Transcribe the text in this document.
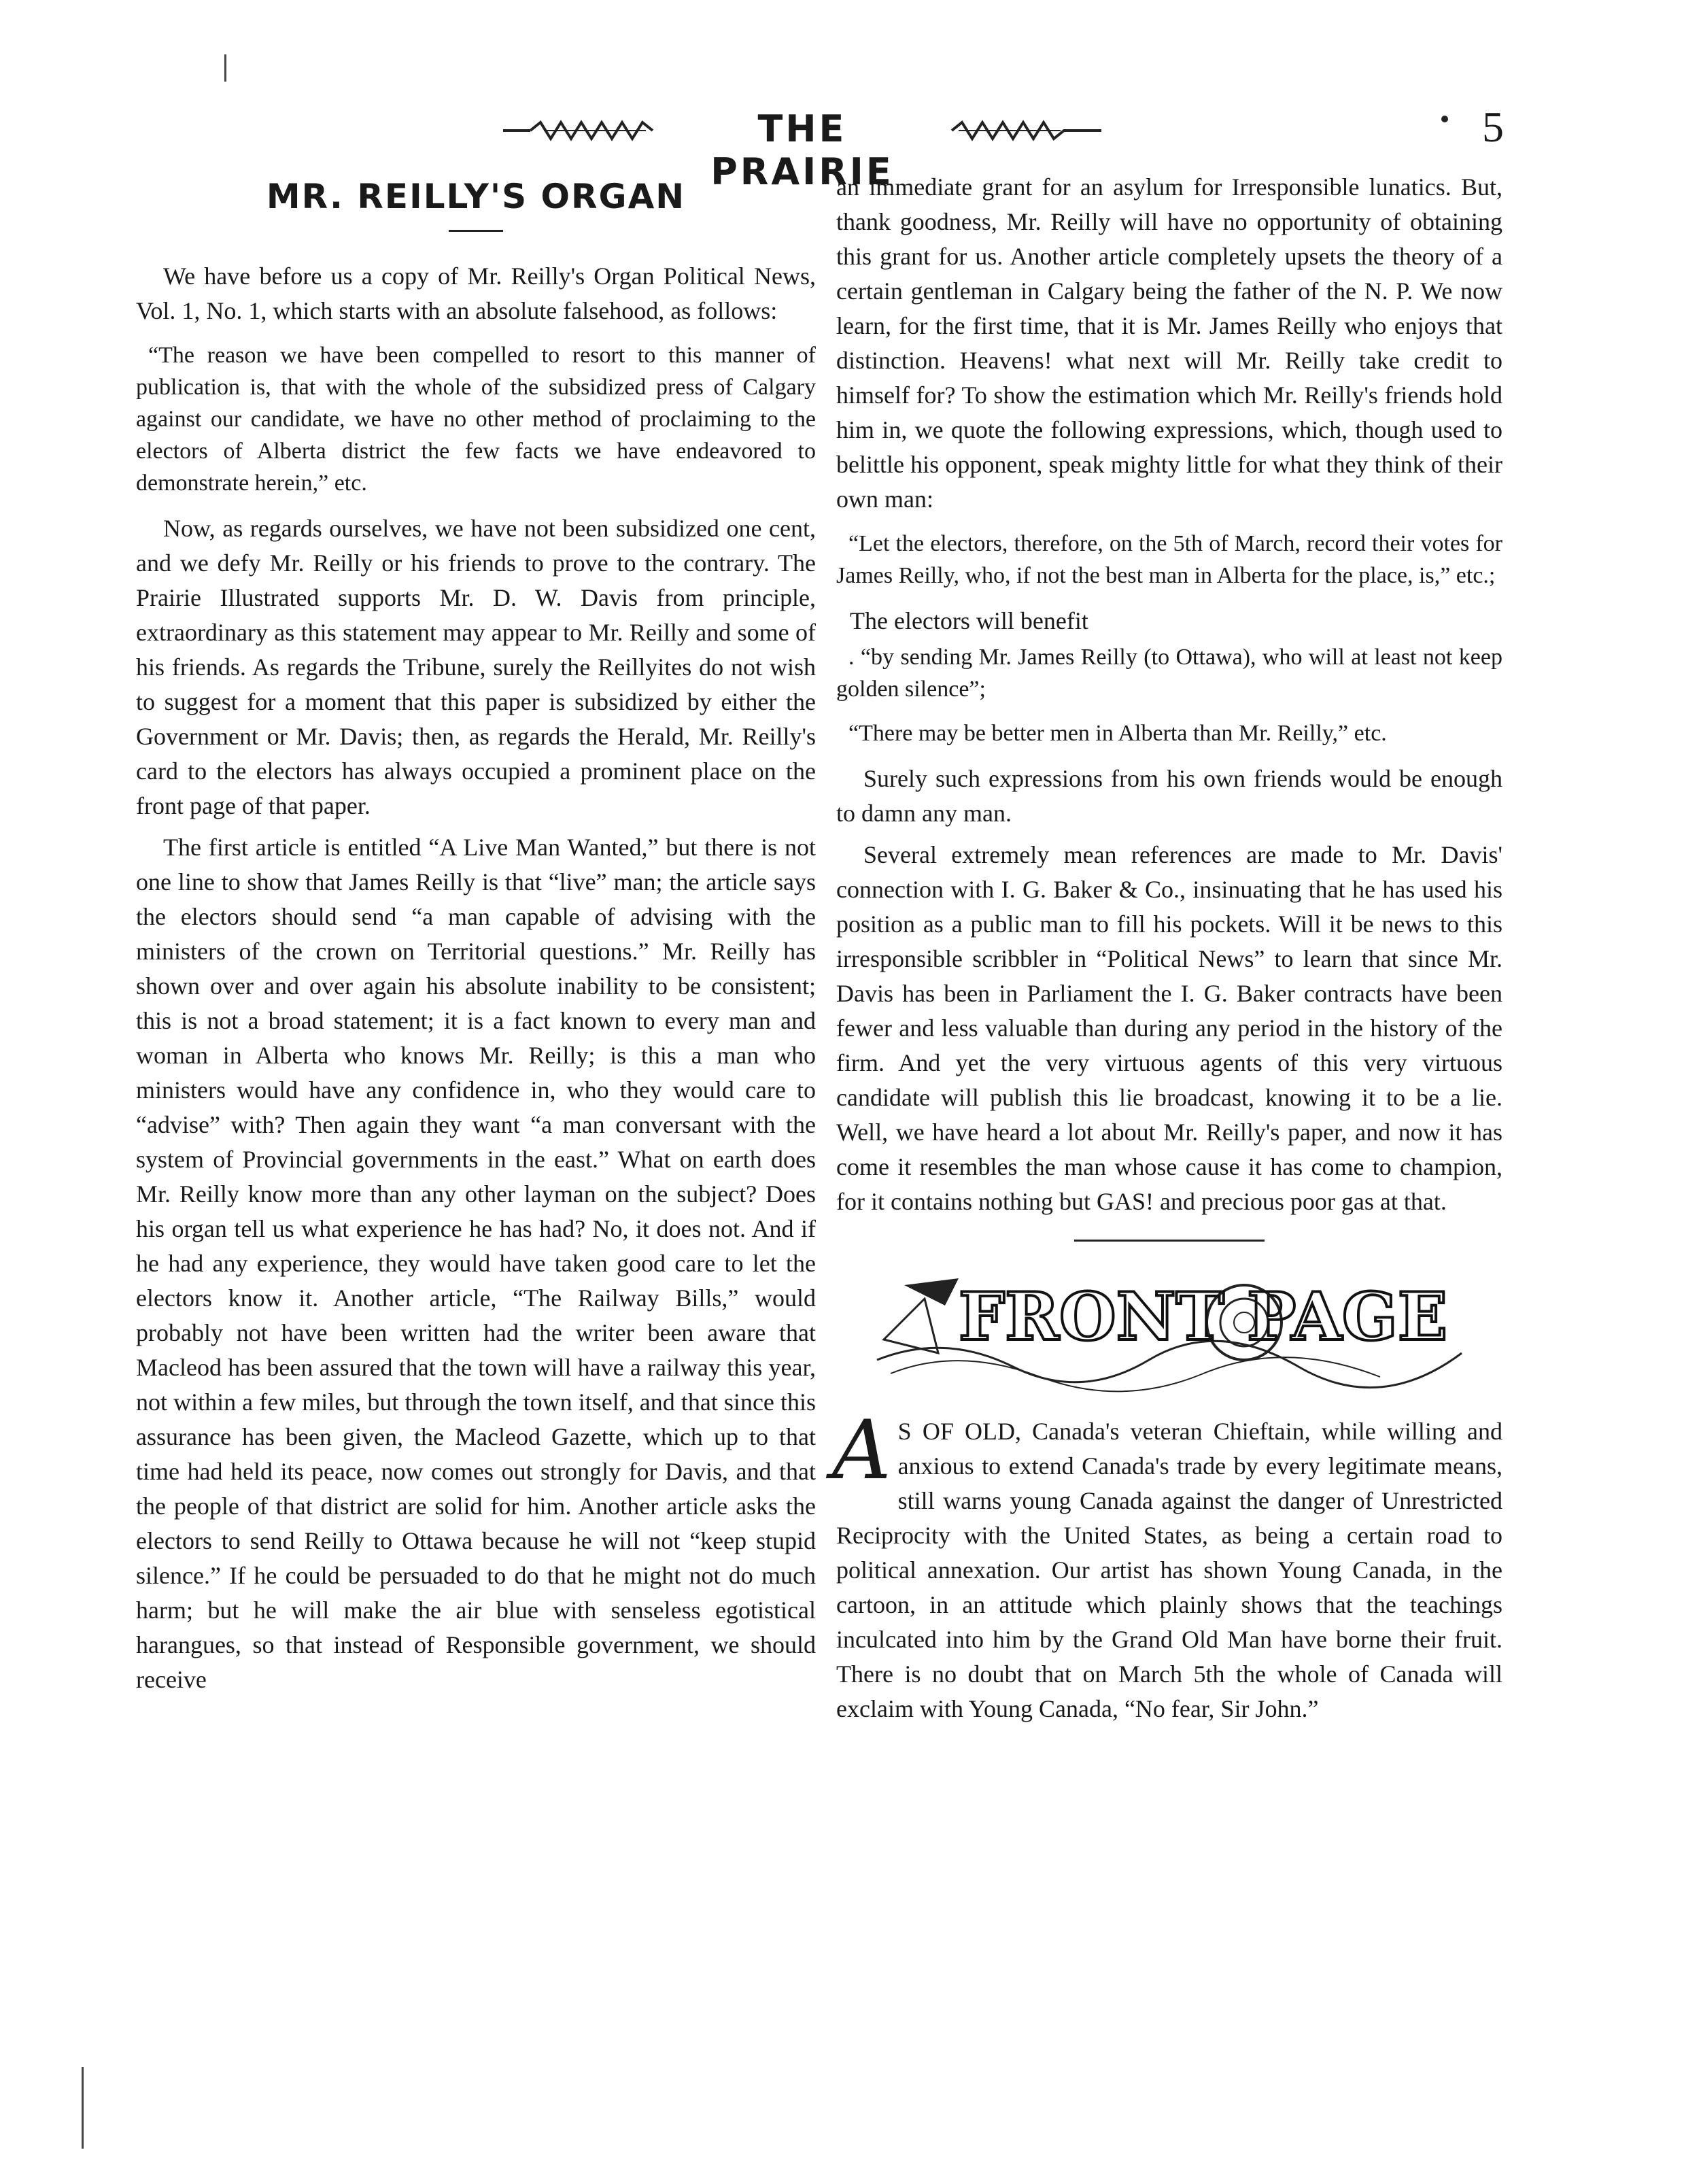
THE PRAIRIE
5
MR. REILLY'S ORGAN

We have before us a copy of Mr. Reilly's Organ Political News, Vol. 1, No. 1, which starts with an absolute falsehood, as follows:

“The reason we have been compelled to resort to this manner of publication is, that with the whole of the subsidized press of Calgary against our candidate, we have no other method of proclaiming to the electors of Alberta district the few facts we have endeavored to demonstrate herein,” etc.

Now, as regards ourselves, we have not been subsidized one cent, and we defy Mr. Reilly or his friends to prove to the contrary. The Prairie Illustrated supports Mr. D. W. Davis from principle, extraordinary as this statement may appear to Mr. Reilly and some of his friends. As regards the Tribune, surely the Reillyites do not wish to suggest for a moment that this paper is subsidized by either the Government or Mr. Davis; then, as regards the Herald, Mr. Reilly's card to the electors has always occupied a prominent place on the front page of that paper.

The first article is entitled “A Live Man Wanted,” but there is not one line to show that James Reilly is that “live” man; the article says the electors should send “a man capable of advising with the ministers of the crown on Territorial questions.” Mr. Reilly has shown over and over again his absolute inability to be consistent; this is not a broad statement; it is a fact known to every man and woman in Alberta who knows Mr. Reilly; is this a man who ministers would have any confidence in, who they would care to “advise” with? Then again they want “a man conversant with the system of Provincial governments in the east.” What on earth does Mr. Reilly know more than any other layman on the subject? Does his organ tell us what experience he has had? No, it does not. And if he had any experience, they would have taken good care to let the electors know it. Another article, “The Railway Bills,” would probably not have been written had the writer been aware that Macleod has been assured that the town will have a railway this year, not within a few miles, but through the town itself, and that since this assurance has been given, the Macleod Gazette, which up to that time had held its peace, now comes out strongly for Davis, and that the people of that district are solid for him. Another article asks the electors to send Reilly to Ottawa because he will not “keep stupid silence.” If he could be persuaded to do that he might not do much harm; but he will make the air blue with senseless egotistical harangues, so that instead of Responsible government, we should receive

an immediate grant for an asylum for Irresponsible lunatics. But, thank goodness, Mr. Reilly will have no opportunity of obtaining this grant for us. Another article completely upsets the theory of a certain gentleman in Calgary being the father of the N. P. We now learn, for the first time, that it is Mr. James Reilly who enjoys that distinction. Heavens! what next will Mr. Reilly take credit to himself for? To show the estimation which Mr. Reilly's friends hold him in, we quote the following expressions, which, though used to belittle his opponent, speak mighty little for what they think of their own man:

“Let the electors, therefore, on the 5th of March, record their votes for James Reilly, who, if not the best man in Alberta for the place, is,” etc.;

The electors will benefit

. “by sending Mr. James Reilly (to Ottawa), who will at least not keep golden silence”;

“There may be better men in Alberta than Mr. Reilly,” etc.

Surely such expressions from his own friends would be enough to damn any man.

Several extremely mean references are made to Mr. Davis' connection with I. G. Baker & Co., insinuating that he has used his position as a public man to fill his pockets. Will it be news to this irresponsible scribbler in “Political News” to learn that since Mr. Davis has been in Parliament the I. G. Baker contracts have been fewer and less valuable than during any period in the history of the firm. And yet the very virtuous agents of this very virtuous candidate will publish this lie broadcast, knowing it to be a lie. Well, we have heard a lot about Mr. Reilly's paper, and now it has come it resembles the man whose cause it has come to champion, for it contains nothing but GAS! and precious poor gas at that.

FRONT PAGE
A S OF OLD, Canada's veteran Chieftain, while willing and anxious to extend Canada's trade by every legitimate means, still warns young Canada against the danger of Unrestricted Reciprocity with the United States, as being a certain road to political annexation. Our artist has shown Young Canada, in the cartoon, in an attitude which plainly shows that the teachings inculcated into him by the Grand Old Man have borne their fruit. There is no doubt that on March 5th the whole of Canada will exclaim with Young Canada, “No fear, Sir John.”
